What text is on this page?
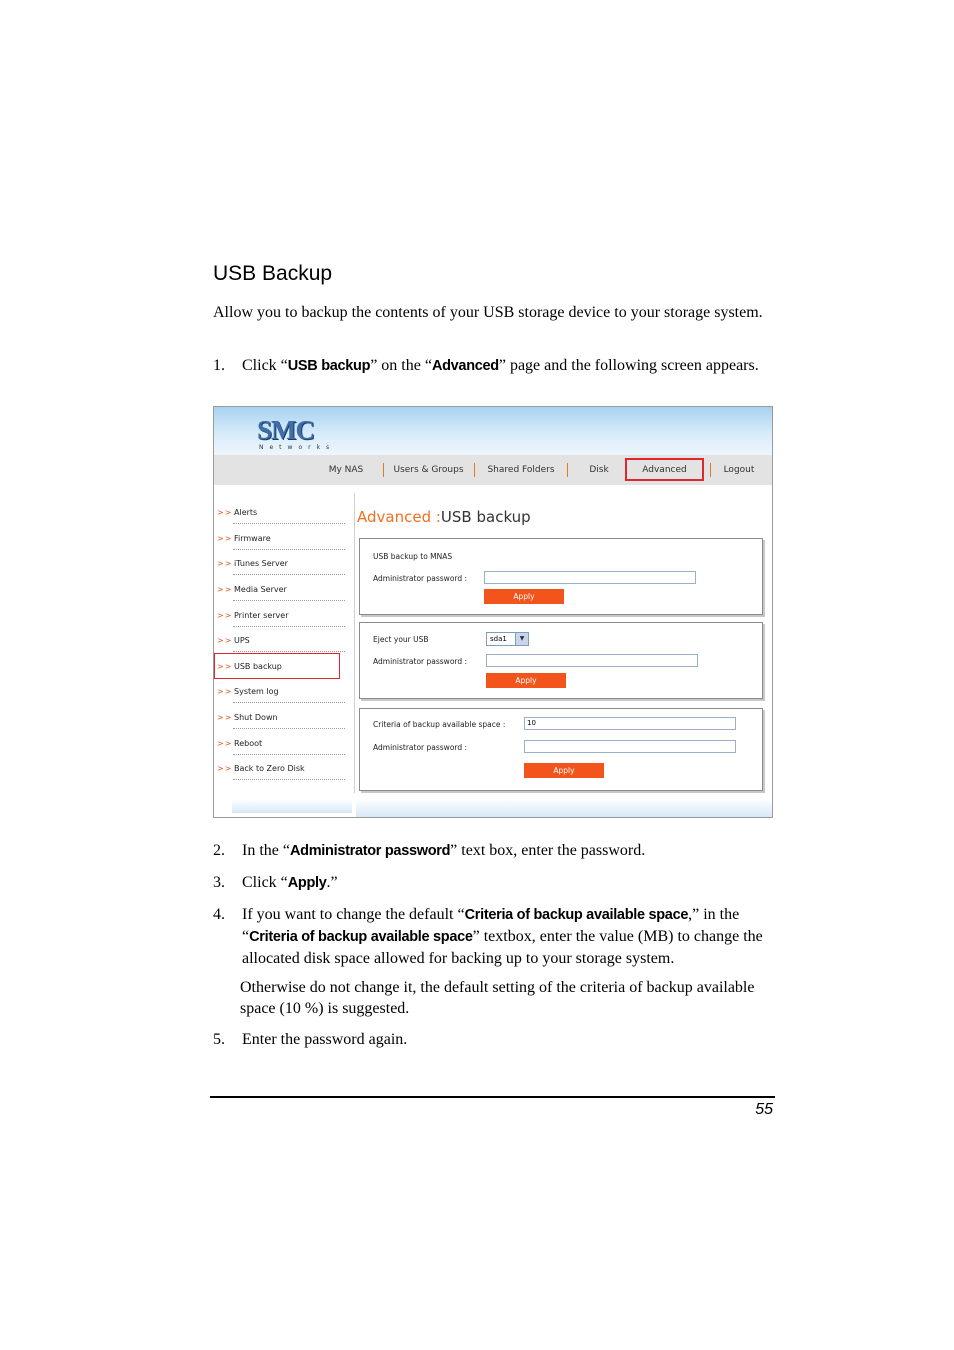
USB Backup
Allow you to backup the contents of your USB storage device to your storage system.
1. Click “USB backup” on the “Advanced” page and the following screen appears.
SMC
Networks
My NAS	Users & Groups	Shared Folders	Disk	Advanced	Logout
>> Alerts
>> Firmware
>> iTunes Server
>> Media Server
>> Printer server
>> UPS
>> USB backup
>> System log
>> Shut Down
>> Reboot
>> Back to Zero Disk
Advanced :USB backup
USB backup to MNAS
Administrator password :
Apply
Eject your USB	sda1	▼
Administrator password :
Apply
Criteria of backup available space :	10
Administrator password :
Apply
2. In the “Administrator password” text box, enter the password.
3. Click “Apply.”
4. If you want to change the default “Criteria of backup available space,” in the “Criteria of backup available space” textbox, enter the value (MB) to change the allocated disk space allowed for backing up to your storage system.
Otherwise do not change it, the default setting of the criteria of backup available space (10 %) is suggested.
5. Enter the password again.
55
